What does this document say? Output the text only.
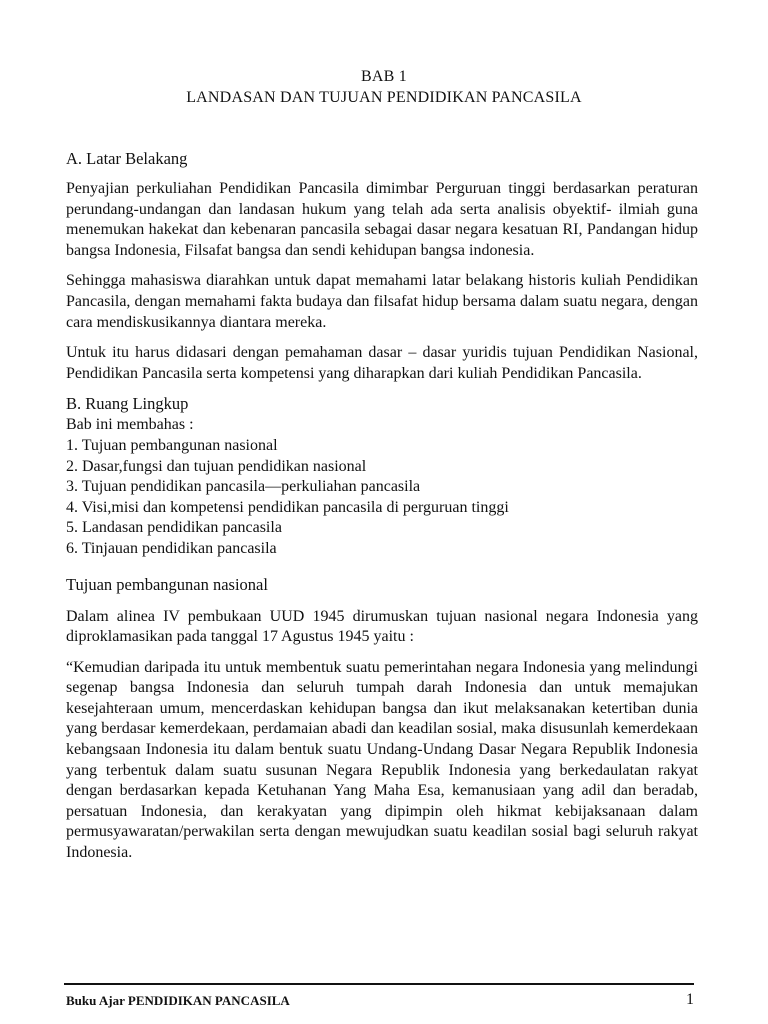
BAB 1
LANDASAN DAN TUJUAN PENDIDIKAN PANCASILA

A. Latar Belakang

Penyajian perkuliahan Pendidikan Pancasila dimimbar Perguruan tinggi berdasarkan peraturan perundang-undangan dan landasan hukum yang telah ada serta analisis obyektif- ilmiah guna menemukan hakekat dan kebenaran pancasila sebagai dasar negara kesatuan RI, Pandangan hidup bangsa Indonesia, Filsafat bangsa dan sendi kehidupan bangsa indonesia.

Sehingga mahasiswa diarahkan untuk dapat memahami latar belakang historis kuliah Pendidikan Pancasila, dengan memahami fakta budaya dan filsafat hidup bersama dalam suatu negara, dengan cara mendiskusikannya diantara mereka.

Untuk itu harus didasari dengan pemahaman dasar – dasar yuridis tujuan Pendidikan Nasional, Pendidikan Pancasila serta kompetensi yang diharapkan dari kuliah Pendidikan Pancasila.

B. Ruang Lingkup

Bab ini membahas :

1. Tujuan pembangunan nasional
2. Dasar,fungsi dan tujuan pendidikan nasional
3. Tujuan pendidikan pancasila—perkuliahan pancasila
4. Visi,misi dan kompetensi pendidikan pancasila di perguruan tinggi
5. Landasan pendidikan pancasila
6. Tinjauan pendidikan pancasila

Tujuan pembangunan nasional

Dalam alinea IV pembukaan UUD 1945 dirumuskan tujuan nasional negara Indonesia yang diproklamasikan pada tanggal 17 Agustus 1945 yaitu :

“Kemudian daripada itu untuk membentuk suatu pemerintahan negara Indonesia yang melindungi segenap bangsa Indonesia dan seluruh tumpah darah Indonesia dan untuk memajukan kesejahteraan umum, mencerdaskan kehidupan bangsa dan ikut melaksanakan ketertiban dunia yang berdasar kemerdekaan, perdamaian abadi dan keadilan sosial, maka disusunlah kemerdekaan kebangsaan Indonesia itu dalam bentuk suatu Undang-Undang Dasar Negara Republik Indonesia yang terbentuk dalam suatu susunan Negara Republik Indonesia yang berkedaulatan rakyat dengan berdasarkan kepada Ketuhanan Yang Maha Esa, kemanusiaan yang adil dan beradab, persatuan Indonesia, dan kerakyatan yang dipimpin oleh hikmat kebijaksanaan dalam permusyawaratan/perwakilan serta dengan mewujudkan suatu keadilan sosial bagi seluruh rakyat Indonesia.

Buku Ajar PENDIDIKAN PANCASILA	1
